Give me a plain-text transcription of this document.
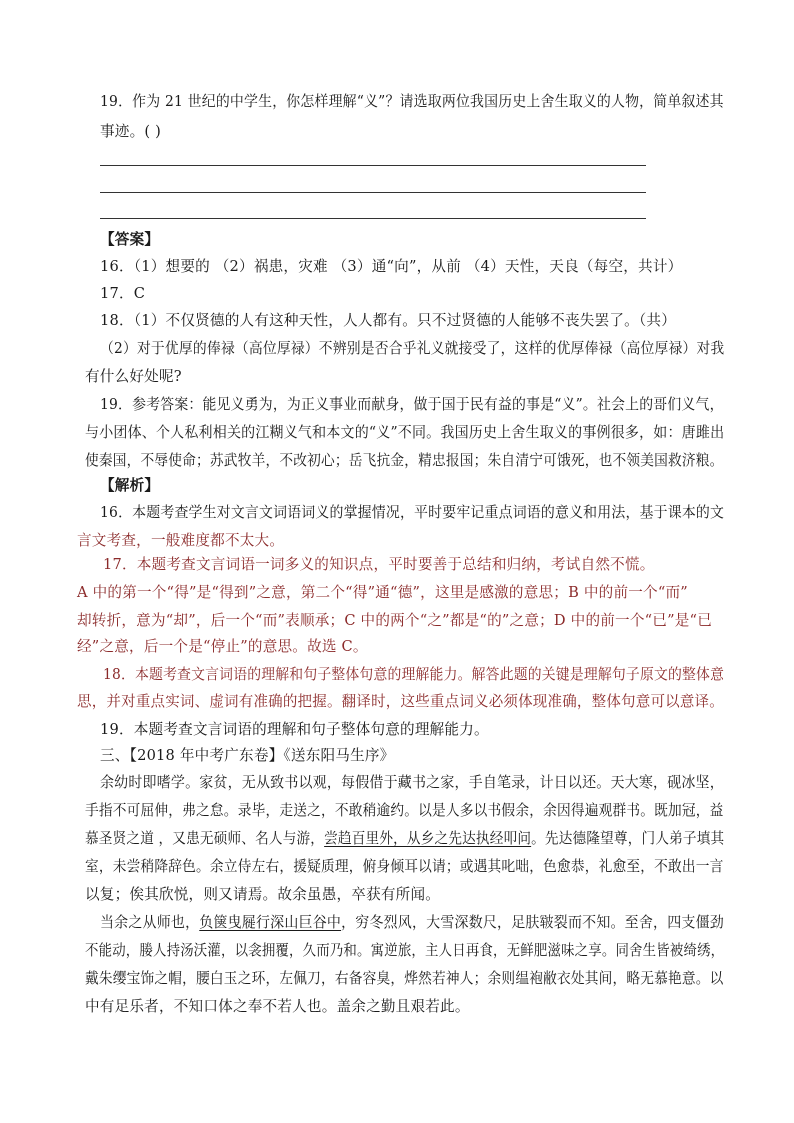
19．作为 21 世纪的中学生，你怎样理解“义”？请选取两位我国历史上舍生取义的人物，简单叙述其
事迹。( )
【答案】
16．（1）想要的 （2）祸患，灾难 （3）通“向”，从前 （4）天性，天良（每空，共计）
17．C
18．（1）不仅贤德的人有这种天性，人人都有。只不过贤德的人能够不丧失罢了。（共）
（2）对于优厚的俸禄（高位厚禄）不辨别是否合乎礼义就接受了，这样的优厚俸禄（高位厚禄）对我
有什么好处呢?
19．参考答案：能见义勇为，为正义事业而献身，做于国于民有益的事是“义”。社会上的哥们义气，
与小团体、个人私利相关的江糊义气和本文的“义”不同。我国历史上舍生取义的事例很多，如：唐雎出
使秦国，不辱使命；苏武牧羊，不改初心；岳飞抗金，精忠报国；朱自清宁可饿死，也不领美国救济粮。
【解析】
16．本题考查学生对文言文词语词义的掌握情况，平时要牢记重点词语的意义和用法，基于课本的文
言文考查，一般难度都不太大。
17．本题考查文言词语一词多义的知识点，平时要善于总结和归纳，考试自然不慌。
A 中的第一个“得”是“得到”之意，第二个“得”通“德”，这里是感激的意思；B 中的前一个“而”
却转折，意为“却”，后一个“而”表顺承；C 中的两个“之”都是“的”之意；D 中的前一个“已”是“已
经”之意，后一个是“停止”的意思。故选 C。
18．本题考查文言词语的理解和句子整体句意的理解能力。解答此题的关键是理解句子原文的整体意
思，并对重点实词、虚词有准确的把握。翻译时，这些重点词义必须体现准确，整体句意可以意译。
19．本题考查文言词语的理解和句子整体句意的理解能力。
三、【2018 年中考广东卷】《送东阳马生序》
余幼时即嗜学。家贫，无从致书以观，每假借于藏书之家，手自笔录，计日以还。天大寒，砚冰坚，
手指不可屈伸，弗之怠。录毕，走送之，不敢稍逾约。以是人多以书假余，余因得遍观群书。既加冠，益
慕圣贤之道 ，又患无硕师、名人与游，尝趋百里外，从乡之先达执经叩问。先达德隆望尊，门人弟子填其
室，未尝稍降辞色。余立侍左右，援疑质理，俯身倾耳以请；或遇其叱咄，色愈恭，礼愈至，不敢出一言
以复；俟其欣悦，则又请焉。故余虽愚，卒获有所闻。
当余之从师也，负箧曳屣行深山巨谷中，穷冬烈风，大雪深数尺，足肤皲裂而不知。至舍，四支僵劲
不能动，媵人持汤沃灌，以衾拥覆，久而乃和。寓逆旅，主人日再食，无鲜肥滋味之享。同舍生皆被绮绣，
戴朱缨宝饰之帽，腰白玉之环，左佩刀，右备容臭，烨然若神人；余则缊袍敝衣处其间，略无慕艳意。以
中有足乐者，不知口体之奉不若人也。盖余之勤且艰若此。
